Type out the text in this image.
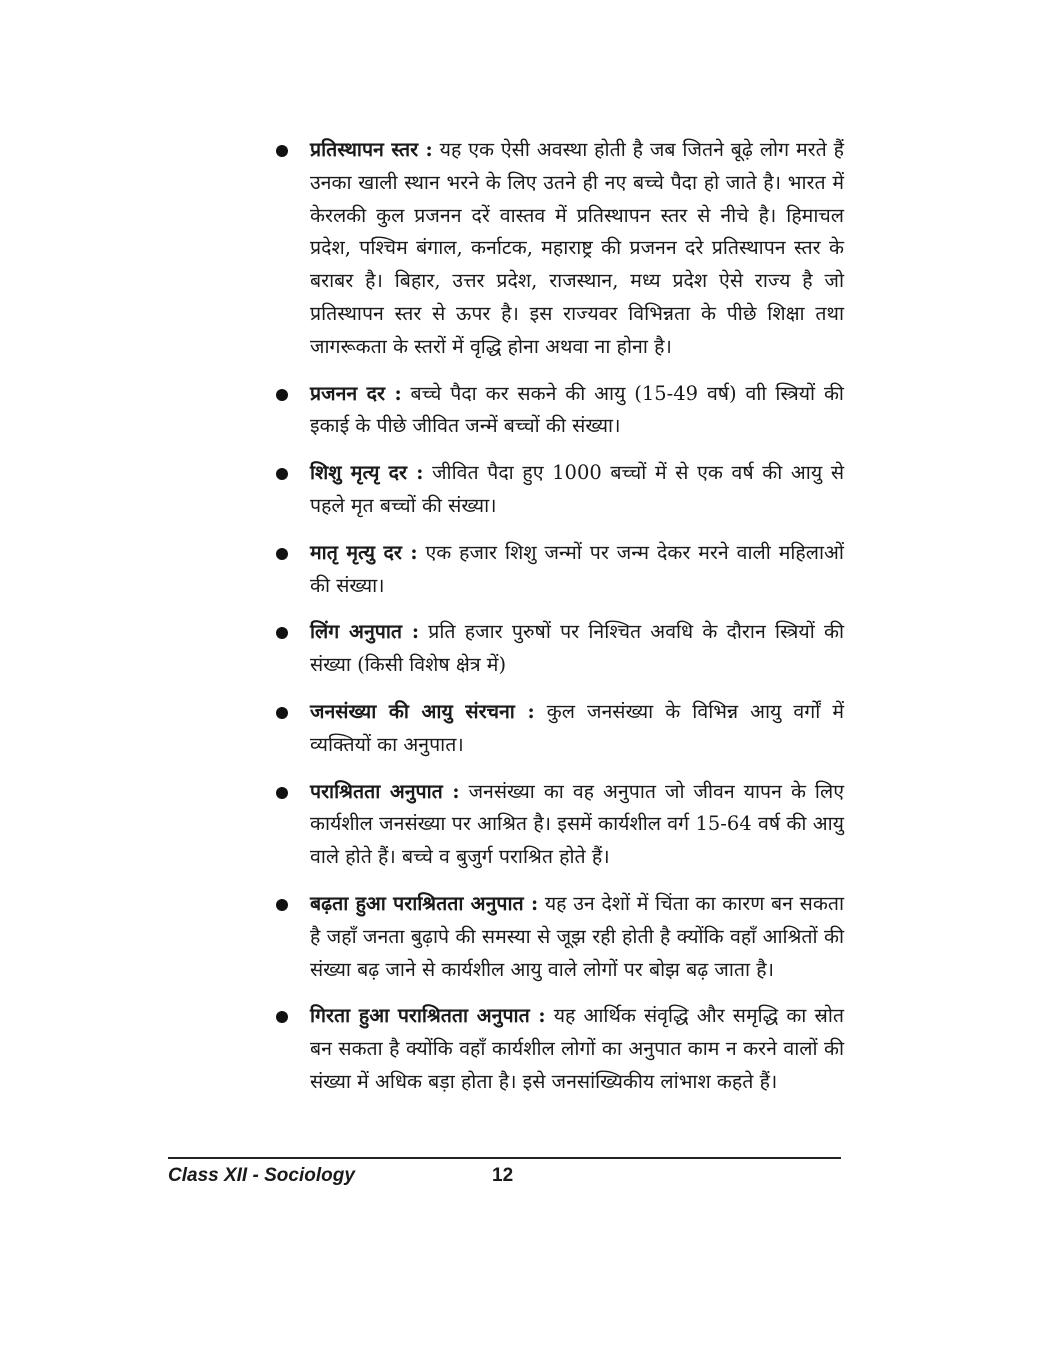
प्रतिस्थापन स्तर : यह एक ऐसी अवस्था होती है जब जितने बूढ़े लोग मरते हैं उनका खाली स्थान भरने के लिए उतने ही नए बच्चे पैदा हो जाते है। भारत में केरलकी कुल प्रजनन दरें वास्तव में प्रतिस्थापन स्तर से नीचे है। हिमाचल प्रदेश, पश्चिम बंगाल, कर्नाटक, महाराष्ट्र की प्रजनन दरे प्रतिस्थापन स्तर के बराबर है। बिहार, उत्तर प्रदेश, राजस्थान, मध्य प्रदेश ऐसे राज्य है जो प्रतिस्थापन स्तर से ऊपर है। इस राज्यवर विभिन्नता के पीछे शिक्षा तथा जागरूकता के स्तरों में वृद्धि होना अथवा ना होना है।
प्रजनन दर : बच्चे पैदा कर सकने की आयु (15-49 वर्ष) वाी स्त्रियों की इकाई के पीछे जीवित जन्में बच्चों की संख्या।
शिशु मृत्यृ दर : जीवित पैदा हुए 1000 बच्चों में से एक वर्ष की आयु से पहले मृत बच्चों की संख्या।
मातृ मृत्यु दर : एक हजार शिशु जन्मों पर जन्म देकर मरने वाली महिलाओं की संख्या।
लिंग अनुपात : प्रति हजार पुरुषों पर निश्चित अवधि के दौरान स्त्रियों की संख्या (किसी विशेष क्षेत्र में)
जनसंख्या की आयु संरचना : कुल जनसंख्या के विभिन्न आयु वर्गों में व्यक्तियों का अनुपात।
पराश्रितता अनुपात : जनसंख्या का वह अनुपात जो जीवन यापन के लिए कार्यशील जनसंख्या पर आश्रित है। इसमें कार्यशील वर्ग 15-64 वर्ष की आयु वाले होते हैं। बच्चे व बुजुर्ग पराश्रित होते हैं।
बढ़ता हुआ पराश्रितता अनुपात : यह उन देशों में चिंता का कारण बन सकता है जहाँ जनता बुढ़ापे की समस्या से जूझ रही होती है क्योंकि वहाँ आश्रितों की संख्या बढ़ जाने से कार्यशील आयु वाले लोगों पर बोझ बढ़ जाता है।
गिरता हुआ पराश्रितता अनुपात : यह आर्थिक संवृद्धि और समृद्धि का स्रोत बन सकता है क्योंकि वहाँ कार्यशील लोगों का अनुपात काम न करने वालों की संख्या में अधिक बड़ा होता है। इसे जनसांख्यिकीय लांभाश कहते हैं।
Class XII - Sociology	12
